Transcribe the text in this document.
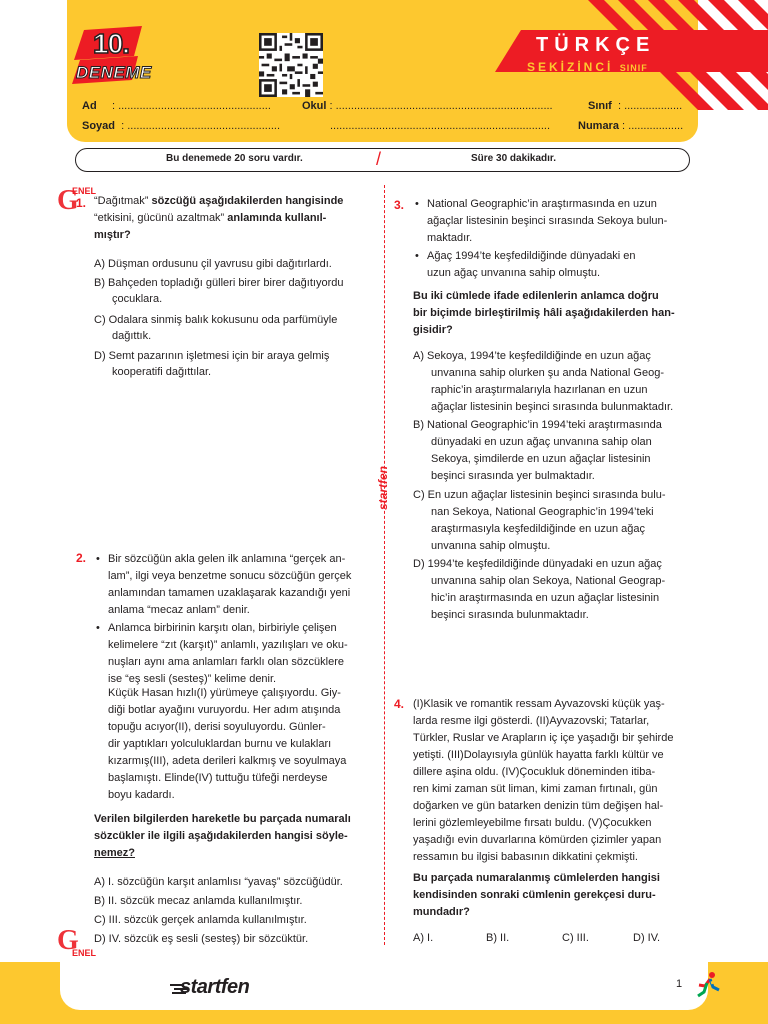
10.
DENEME
TÜRKÇE
SEKİZİNCİ SINIF
Ad     : ..................................................
Soyad  : ..................................................
Okul : .......................................................................
........................................................................
Sınıf  : ...................
Numara : ..................
Bu denemede 20 soru vardır.	/	Süre 30 dakikadır.
startfen
G
ENEL
G
ENEL
1. “Dağıtmak” sözcüğü aşağıdakilerden hangisinde
“etkisini, gücünü azaltmak” anlamında kullanıl-
mıştır?
A) Düşman ordusunu çil yavrusu gibi dağıtırlardı.
B) Bahçeden topladığı gülleri birer birer dağıtıyordu
çocuklara.
C) Odalara sinmiş balık kokusunu oda parfümüyle
dağıttık.
D) Semt pazarının işletmesi için bir araya gelmiş
kooperatifi dağıttılar.
2. • Bir sözcüğün akla gelen ilk anlamına “gerçek an-
lam”, ilgi veya benzetme sonucu sözcüğün gerçek
anlamından tamamen uzaklaşarak kazandığı yeni
anlama “mecaz anlam” denir.
• Anlamca birbirinin karşıtı olan, birbiriyle çelişen
kelimelere “zıt (karşıt)” anlamlı, yazılışları ve oku-
nuşları aynı ama anlamları farklı olan sözcüklere
ise “eş sesli (sesteş)” kelime denir.
Küçük Hasan hızlı(I) yürümeye çalışıyordu. Giy-
diği botlar ayağını vuruyordu. Her adım atışında
topuğu acıyor(II), derisi soyuluyordu. Günler-
dir yaptıkları yolculuklardan burnu ve kulakları
kızarmış(III), adeta derileri kalkmış ve soyulmaya
başlamıştı. Elinde(IV) tuttuğu tüfeği nerdeyse
boyu kadardı.
Verilen bilgilerden hareketle bu parçada numaralı
sözcükler ile ilgili aşağıdakilerden hangisi söyle-
nemez?
A) I. sözcüğün karşıt anlamlısı “yavaş” sözcüğüdür.
B) II. sözcük mecaz anlamda kullanılmıştır.
C) III. sözcük gerçek anlamda kullanılmıştır.
D) IV. sözcük eş sesli (sesteş) bir sözcüktür.
3. • National Geographic’in araştırmasında en uzun
ağaçlar listesinin beşinci sırasında Sekoya bulun-
maktadır.
• Ağaç 1994’te keşfedildiğinde dünyadaki en
uzun ağaç unvanına sahip olmuştu.
Bu iki cümlede ifade edilenlerin anlamca doğru
bir biçimde birleştirilmiş hâli aşağıdakilerden han-
gisidir?
A) Sekoya, 1994’te keşfedildiğinde en uzun ağaç
unvanına sahip olurken şu anda National Geog-
raphic’in araştırmalarıyla hazırlanan en uzun
ağaçlar listesinin beşinci sırasında bulunmaktadır.
B) National Geographic’in 1994’teki araştırmasında
dünyadaki en uzun ağaç unvanına sahip olan
Sekoya, şimdilerde en uzun ağaçlar listesinin
beşinci sırasında yer bulmaktadır.
C) En uzun ağaçlar listesinin beşinci sırasında bulu-
nan Sekoya, National Geographic’in 1994’teki
araştırmasıyla keşfedildiğinde en uzun ağaç
unvanına sahip olmuştu.
D) 1994’te keşfedildiğinde dünyadaki en uzun ağaç
unvanına sahip olan Sekoya, National Geograp-
hic’in araştırmasında en uzun ağaçlar listesinin
beşinci sırasında bulunmaktadır.
4. (I)Klasik ve romantik ressam Ayvazovski küçük yaş-
larda resme ilgi gösterdi. (II)Ayvazovski; Tatarlar,
Türkler, Ruslar ve Arapların iç içe yaşadığı bir şehirde
yetişti. (III)Dolayısıyla günlük hayatta farklı kültür ve
dillere aşina oldu. (IV)Çocukluk döneminden itiba-
ren kimi zaman süt liman, kimi zaman fırtınalı, gün
doğarken ve gün batarken denizin tüm değişen hal-
lerini gözlemleyebilme fırsatı buldu. (V)Çocukken
yaşadığı evin duvarlarına kömürden çizimler yapan
ressamın bu ilgisi babasının dikkatini çekmişti.
Bu parçada numaralanmış cümlelerden hangisi
kendisinden sonraki cümlenin gerekçesi duru-
mundadır?
A) I.	B) II.	C) III.	D) IV.
startfen	1
